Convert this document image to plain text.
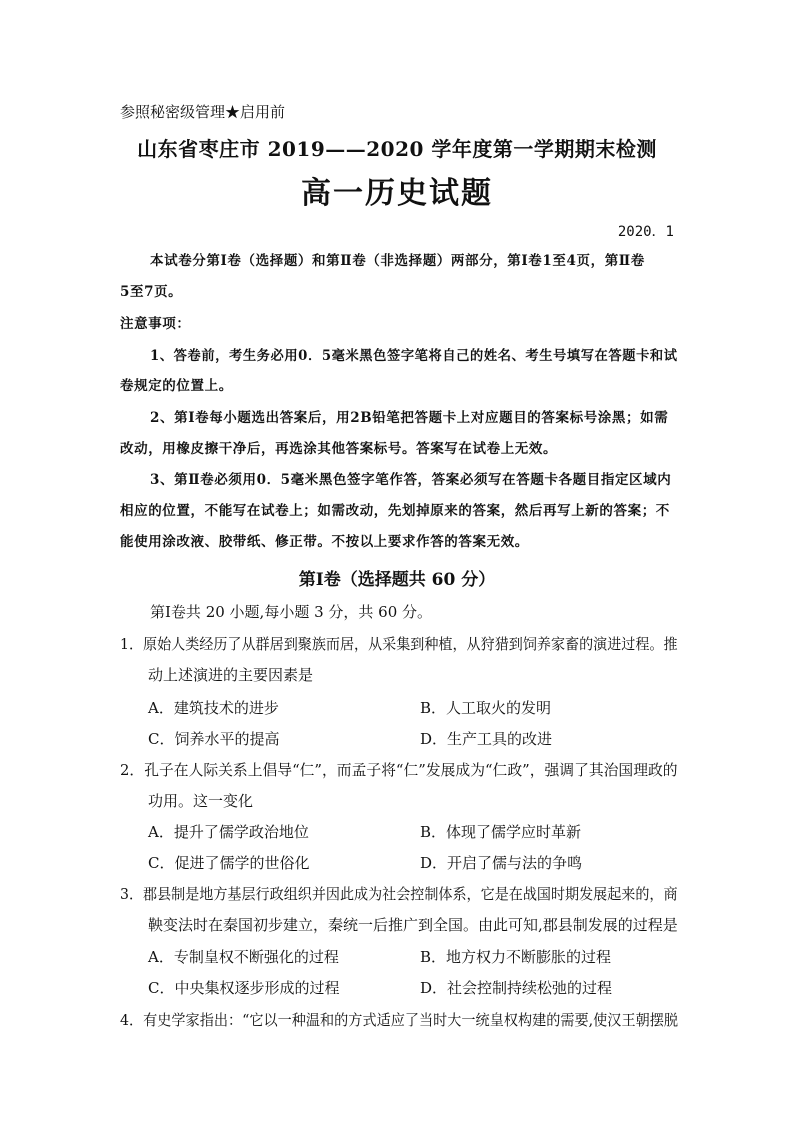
参照秘密级管理★启用前
山东省枣庄市 2019——2020 学年度第一学期期末检测
高一历史试题
2020．1
本试卷分第Ⅰ卷（选择题）和第Ⅱ卷（非选择题）两部分，第Ⅰ卷1至4页，第Ⅱ卷
5至7页。
注意事项：
1、答卷前，考生务必用0．5毫米黑色签字笔将自己的姓名、考生号填写在答题卡和试
卷规定的位置上。
2、第Ⅰ卷每小题选出答案后，用2B铅笔把答题卡上对应题目的答案标号涂黑；如需
改动，用橡皮擦干净后，再选涂其他答案标号。答案写在试卷上无效。
3、第Ⅱ卷必须用0．5毫米黑色签字笔作答，答案必须写在答题卡各题目指定区域内
相应的位置，不能写在试卷上；如需改动，先划掉原来的答案，然后再写上新的答案；不
能使用涂改液、胶带纸、修正带。不按以上要求作答的答案无效。
第Ⅰ卷（选择题共 60 分）
第Ⅰ卷共 20 小题,每小题 3 分，共 60 分。
1．原始人类经历了从群居到聚族而居，从采集到种植，从狩猎到饲养家畜的演进过程。推
动上述演进的主要因素是
A．建筑技术的进步	B．人工取火的发明
C．饲养水平的提高	D．生产工具的改进
2．孔子在人际关系上倡导“仁”，而孟子将“仁”发展成为“仁政”，强调了其治国理政的
功用。这一变化
A．提升了儒学政治地位	B．体现了儒学应时革新
C．促进了儒学的世俗化	D．开启了儒与法的争鸣
3．郡县制是地方基层行政组织并因此成为社会控制体系，它是在战国时期发展起来的，商
鞅变法时在秦国初步建立，秦统一后推广到全国。由此可知,郡县制发展的过程是
A．专制皇权不断强化的过程	B．地方权力不断膨胀的过程
C．中央集权逐步形成的过程	D．社会控制持续松弛的过程
4．有史学家指出：“它以一种温和的方式适应了当时大一统皇权构建的需要,使汉王朝摆脱
